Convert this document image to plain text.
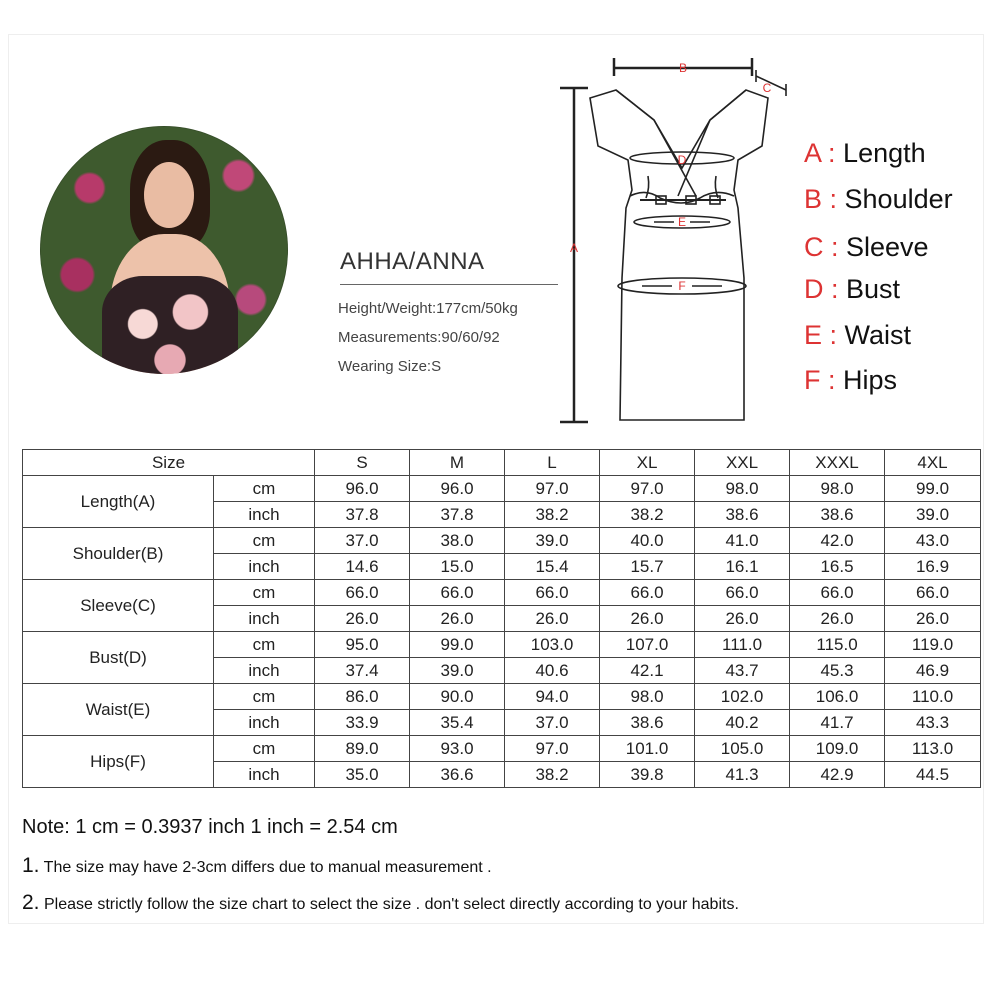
AHHA/ANNA
Height/Weight:177cm/50kg
Measurements:90/60/92
Wearing Size:S
B
C
A
D
E
F
A : Length
B : Shoulder
C : Sleeve
D : Bust
E : Waist
F : Hips
Size		S	M	L	XL	XXL	XXXL	4XL
Length(A)	cm	96.0	96.0	97.0	97.0	98.0	98.0	99.0
	inch	37.8	37.8	38.2	38.2	38.6	38.6	39.0
Shoulder(B)	cm	37.0	38.0	39.0	40.0	41.0	42.0	43.0
	inch	14.6	15.0	15.4	15.7	16.1	16.5	16.9
Sleeve(C)	cm	66.0	66.0	66.0	66.0	66.0	66.0	66.0
	inch	26.0	26.0	26.0	26.0	26.0	26.0	26.0
Bust(D)	cm	95.0	99.0	103.0	107.0	111.0	115.0	119.0
	inch	37.4	39.0	40.6	42.1	43.7	45.3	46.9
Waist(E)	cm	86.0	90.0	94.0	98.0	102.0	106.0	110.0
	inch	33.9	35.4	37.0	38.6	40.2	41.7	43.3
Hips(F)	cm	89.0	93.0	97.0	101.0	105.0	109.0	113.0
	inch	35.0	36.6	38.2	39.8	41.3	42.9	44.5
Note: 1 cm = 0.3937 inch 1 inch = 2.54 cm
1. The size may have 2-3cm differs due to manual measurement .
2. Please strictly follow the size chart to select the size . don't select directly according to your habits.
